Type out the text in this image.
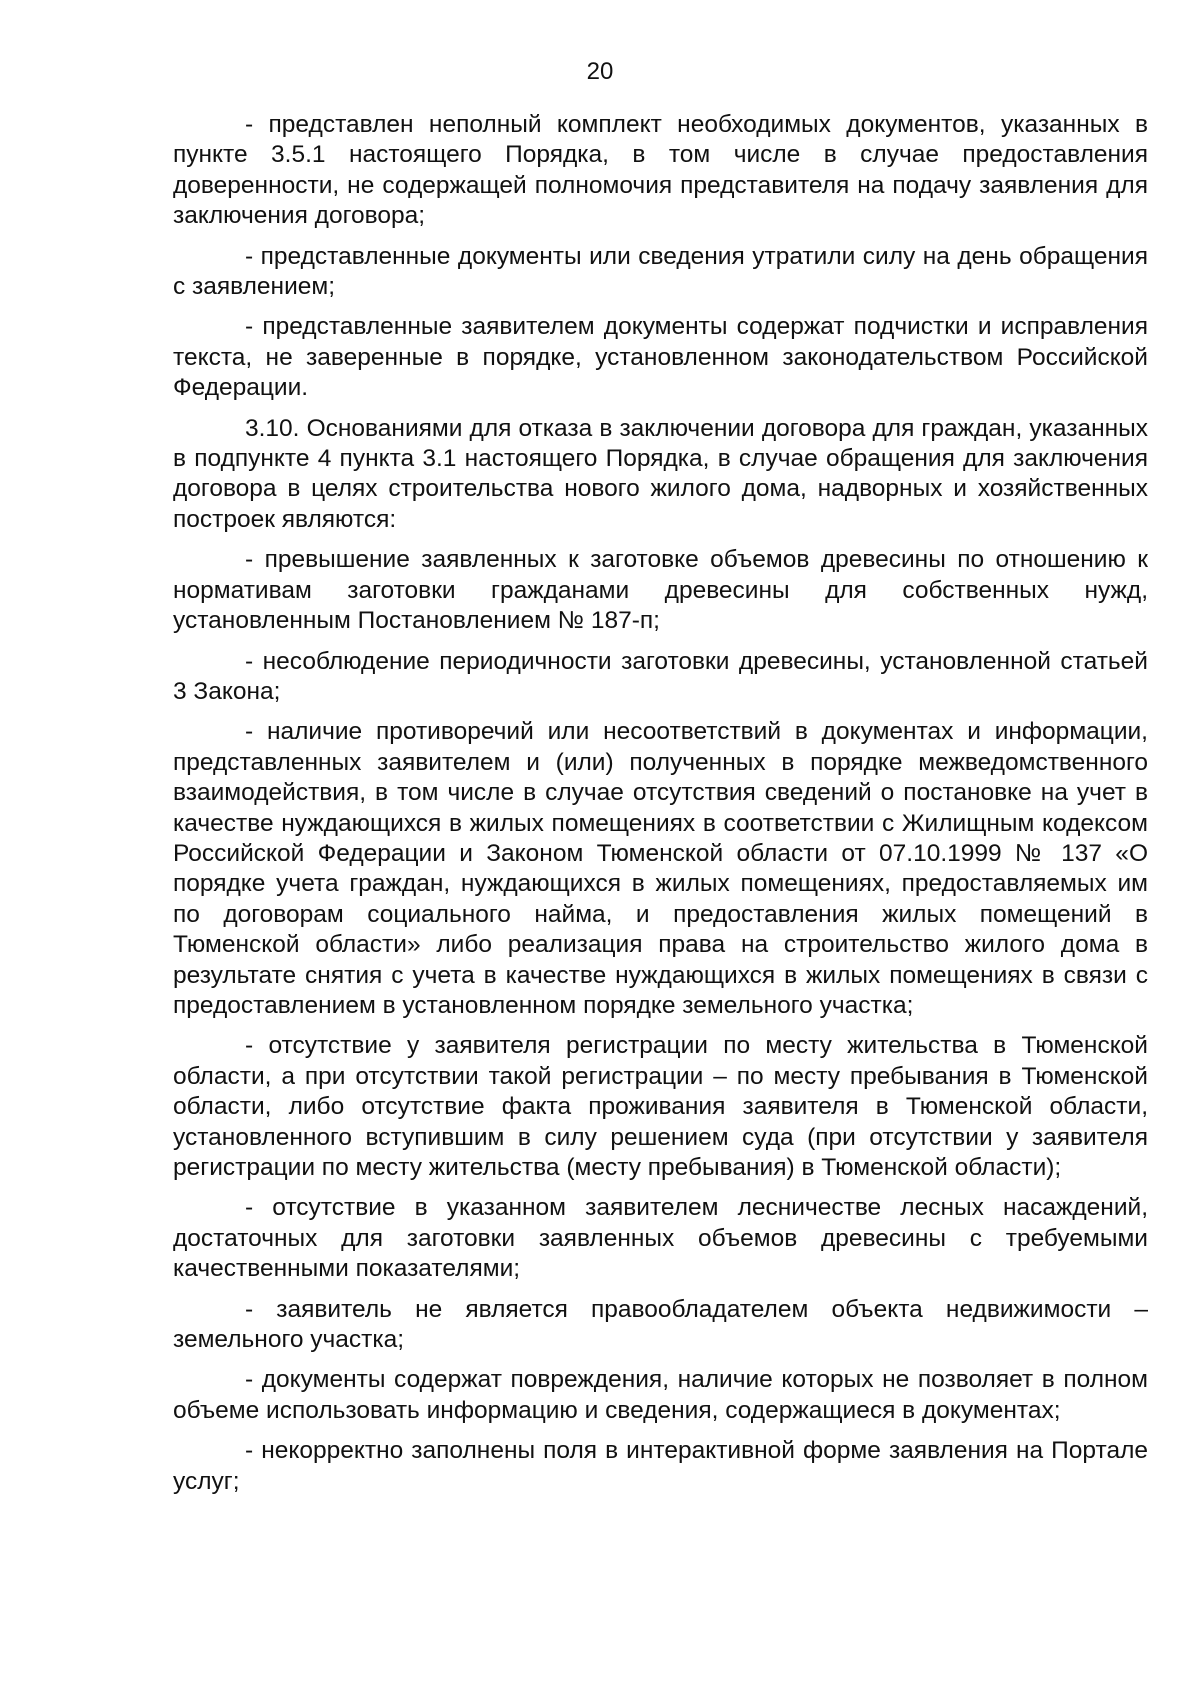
20

- представлен неполный комплект необходимых документов, указанных в пункте 3.5.1 настоящего Порядка, в том числе в случае предоставления доверенности, не содержащей полномочия представителя на подачу заявления для заключения договора;

- представленные документы или сведения утратили силу на день обращения с заявлением;

- представленные заявителем документы содержат подчистки и исправления текста, не заверенные в порядке, установленном законодательством Российской Федерации.

3.10. Основаниями для отказа в заключении договора для граждан, указанных в подпункте 4 пункта 3.1 настоящего Порядка, в случае обращения для заключения договора в целях строительства нового жилого дома, надворных и хозяйственных построек являются:

- превышение заявленных к заготовке объемов древесины по отношению к нормативам заготовки гражданами древесины для собственных нужд, установленным Постановлением № 187-п;

- несоблюдение периодичности заготовки древесины, установленной статьей 3 Закона;

- наличие противоречий или несоответствий в документах и информации, представленных заявителем и (или) полученных в порядке межведомственного взаимодействия, в том числе в случае отсутствия сведений о постановке на учет в качестве нуждающихся в жилых помещениях в соответствии с Жилищным кодексом Российской Федерации и Законом Тюменской области от 07.10.1999 № 137 «О порядке учета граждан, нуждающихся в жилых помещениях, предоставляемых им по договорам социального найма, и предоставления жилых помещений в Тюменской области» либо реализация права на строительство жилого дома в результате снятия с учета в качестве нуждающихся в жилых помещениях в связи с предоставлением в установленном порядке земельного участка;

- отсутствие у заявителя регистрации по месту жительства в Тюменской области, а при отсутствии такой регистрации – по месту пребывания в Тюменской области, либо отсутствие факта проживания заявителя в Тюменской области, установленного вступившим в силу решением суда (при отсутствии у заявителя регистрации по месту жительства (месту пребывания) в Тюменской области);

- отсутствие в указанном заявителем лесничестве лесных насаждений, достаточных для заготовки заявленных объемов древесины с требуемыми качественными показателями;

- заявитель не является правообладателем объекта недвижимости – земельного участка;

- документы содержат повреждения, наличие которых не позволяет в полном объеме использовать информацию и сведения, содержащиеся в документах;

- некорректно заполнены поля в интерактивной форме заявления на Портале услуг;
